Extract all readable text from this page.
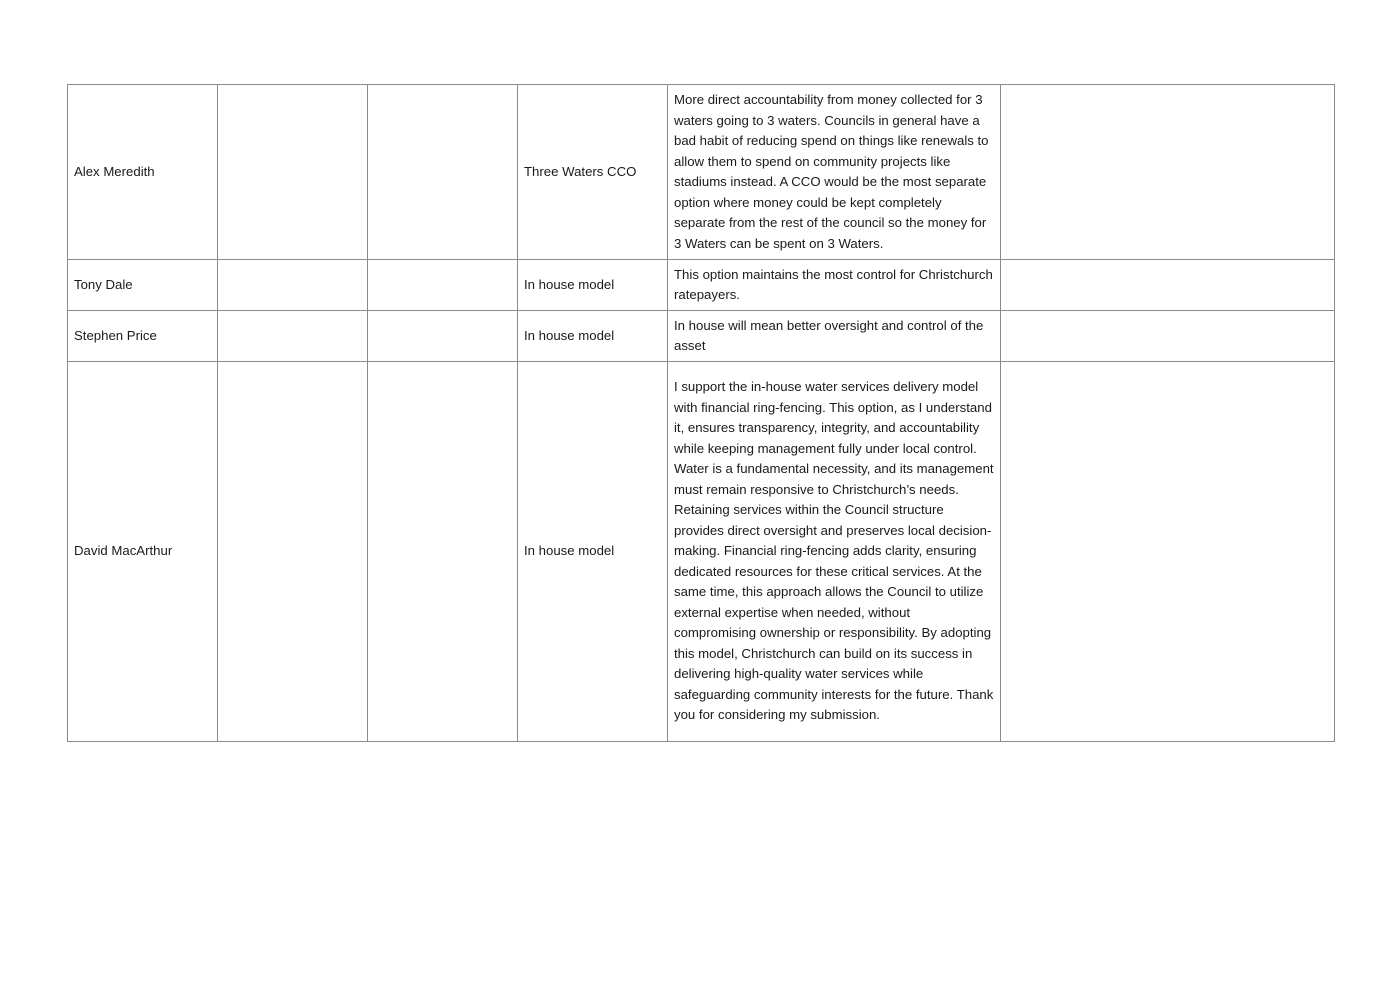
Alex Meredith			Three Waters CCO	More direct accountability from money collected for 3 waters going to 3 waters. Councils in general have a bad habit of reducing spend on things like renewals to allow them to spend on community projects like stadiums instead. A CCO would be the most separate option where money could be kept completely separate from the rest of the council so the money for 3 Waters can be spent on 3 Waters.	
Tony Dale			In house model	This option maintains the most control for Christchurch ratepayers.	
Stephen Price			In house model	In house will mean better oversight and control of the asset	
David MacArthur			In house model	I support the in-house water services delivery model with financial ring-fencing. This option, as I understand it, ensures transparency, integrity, and accountability while keeping management fully under local control. Water is a fundamental necessity, and its management must remain responsive to Christchurch’s needs. Retaining services within the Council structure provides direct oversight and preserves local decision-making. Financial ring-fencing adds clarity, ensuring dedicated resources for these critical services. At the same time, this approach allows the Council to utilize external expertise when needed, without compromising ownership or responsibility. By adopting this model, Christchurch can build on its success in delivering high-quality water services while safeguarding community interests for the future. Thank you for considering my submission.	
